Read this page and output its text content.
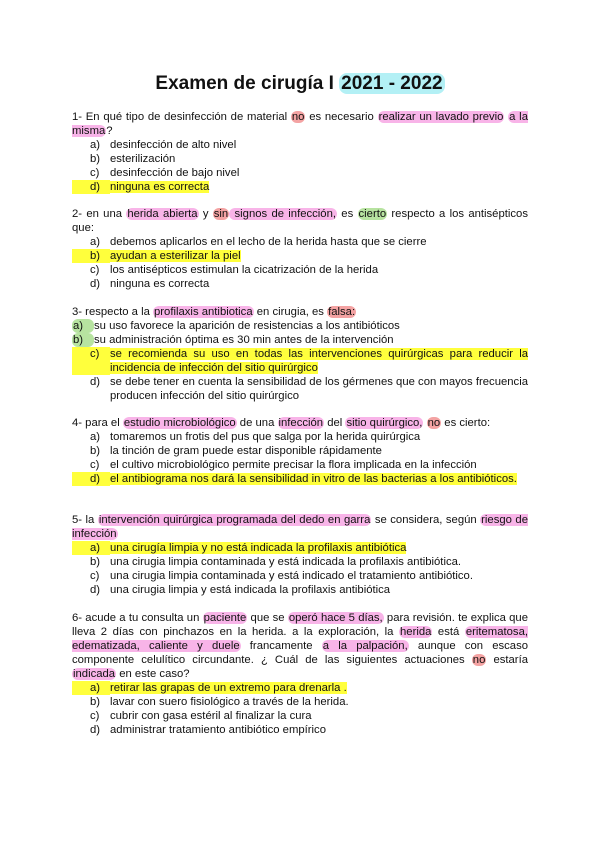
Examen de cirugía I 2021 - 2022

1- En qué tipo de desinfección de material no es necesario realizar un lavado previo a la misma?

a) desinfección de alto nivel
b) esterilización
c) desinfección de bajo nivel
d) ninguna es correcta

2- en una herida abierta y sin signos de infección, es cierto respecto a los antisépticos que:

a) debemos aplicarlos en el lecho de la herida hasta que se cierre
b) ayudan a esterilizar la piel
c) los antisépticos estimulan la cicatrización de la herida
d) ninguna es correcta

3- respecto a la profilaxis antibiotica en cirugia, es falsa:

a) su uso favorece la aparición de resistencias a los antibióticos
b) su administración óptima es 30 min antes de la intervención
c) se recomienda su uso en todas las intervenciones quirúrgicas para reducir la incidencia de infección del sitio quirúrgico
d) se debe tener en cuenta la sensibilidad de los gérmenes que con mayos frecuencia producen infección del sitio quirúrgico

4- para el estudio microbiológico de una infección del sitio quirúrgico, no es cierto:

a) tomaremos un frotis del pus que salga por la herida quirúrgica
b) la tinción de gram puede estar disponible rápidamente
c) el cultivo microbiológico permite precisar la flora implicada en la infección
d) el antibiograma nos dará la sensibilidad in vitro de las bacterias a los antibióticos.

5- la intervención quirúrgica programada del dedo en garra se considera, según riesgo de infección

a) una cirugía limpia y no está indicada la profilaxis antibiótica
b) una cirugia limpia contaminada y está indicada la profilaxis antibiótica.
c) una cirugia limpia contaminada y está indicado el tratamiento antibiótico.
d) una cirugia limpia y está indicada la profilaxis antibiótica

6- acude a tu consulta un paciente que se operó hace 5 días, para revisión. te explica que lleva 2 días con pinchazos en la herida. a la exploración, la herida está eritematosa, edematizada, caliente y duele francamente a la palpación, aunque con escaso componente celulítico circundante. ¿ Cuál de las siguientes actuaciones no estaría indicada en este caso?

a) retirar las grapas de un extremo para drenarla .
b) lavar con suero fisiológico a través de la herida.
c) cubrir con gasa estéril al finalizar la cura
d) administrar tratamiento antibiótico empírico
